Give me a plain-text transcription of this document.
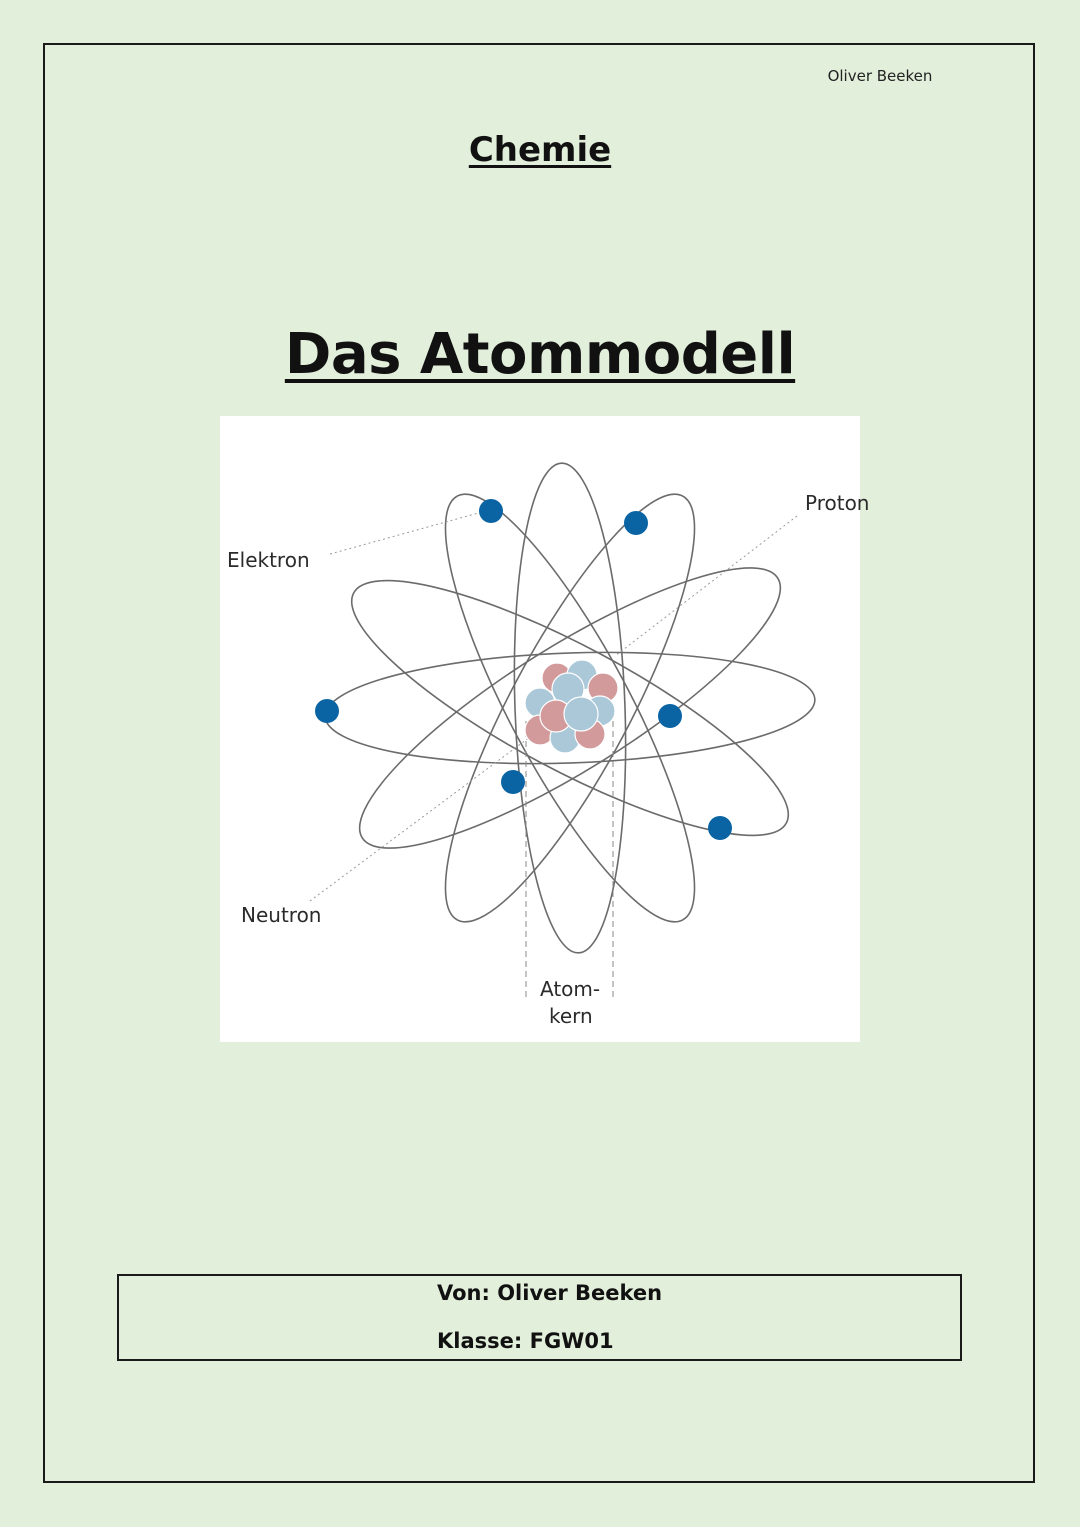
Oliver Beeken
Chemie
Das Atommodell
Elektron
Proton
Neutron
Atom-
kern
Von: Oliver Beeken
Klasse: FGW01
